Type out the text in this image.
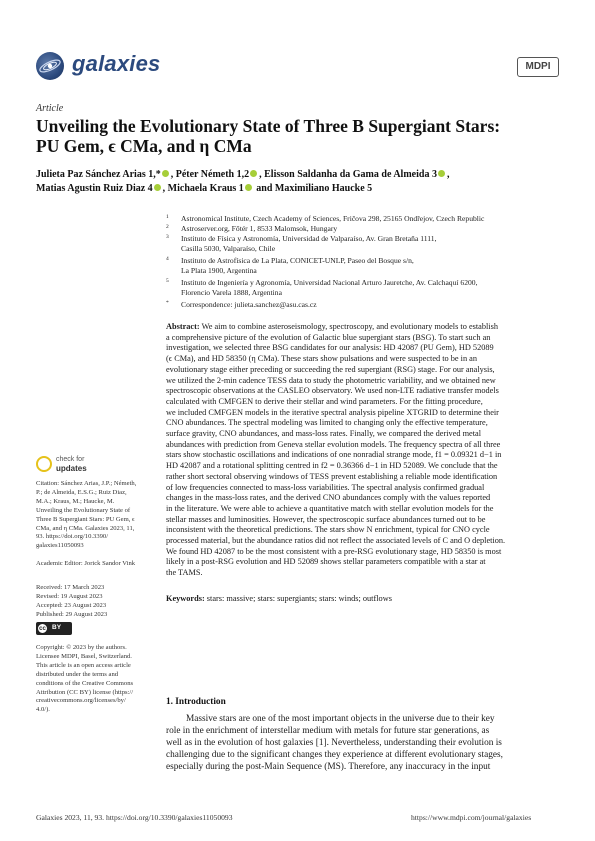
galaxies	MDPI
Article
Unveiling the Evolutionary State of Three B Supergiant Stars:
PU Gem, ϵ CMa, and η CMa
Julieta Paz Sánchez Arias 1,* , Péter Németh 1,2 , Elisson Saldanha da Gama de Almeida 3 ,
Matias Agustin Ruiz Diaz 4 , Michaela Kraus 1 and Maximiliano Haucke 5
1 Astronomical Institute, Czech Academy of Sciences, Fričova 298, 25165 Ondřejov, Czech Republic
2 Astroserver.org, Főtér 1, 8533 Malomsok, Hungary
3 Instituto de Física y Astronomía, Universidad de Valparaíso, Av. Gran Bretaña 1111,
Casilla 5030, Valparaíso, Chile
4 Instituto de Astrofísica de La Plata, CONICET-UNLP, Paseo del Bosque s/n,
La Plata 1900, Argentina
5 Instituto de Ingeniería y Agronomía, Universidad Nacional Arturo Jauretche, Av. Calchaquí 6200,
Florencio Varela 1888, Argentina
* Correspondence: julieta.sanchez@asu.cas.cz
Abstract: We aim to combine asteroseismology, spectroscopy, and evolutionary models to establish
a comprehensive picture of the evolution of Galactic blue supergiant stars (BSG). To start such an
investigation, we selected three BSG candidates for our analysis: HD 42087 (PU Gem), HD 52089
(ϵ CMa), and HD 58350 (η CMa). These stars show pulsations and were suspected to be in an
evolutionary stage either preceding or succeeding the red supergiant (RSG) stage. For our analysis,
we utilized the 2-min cadence TESS data to study the photometric variability, and we obtained new
spectroscopic observations at the CASLEO observatory. We used non-LTE radiative transfer models
calculated with CMFGEN to derive their stellar and wind parameters. For the fitting procedure,
we included CMFGEN models in the iterative spectral analysis pipeline XTGRID to determine their
CNO abundances. The spectral modeling was limited to changing only the effective temperature,
surface gravity, CNO abundances, and mass-loss rates. Finally, we compared the derived metal
abundances with prediction from Geneva stellar evolution models. The frequency spectra of all three
stars show stochastic oscillations and indications of one nonradial strange mode, f1 = 0.09321 d−1 in
HD 42087 and a rotational splitting centred in f2 = 0.36366 d−1 in HD 52089. We conclude that the
rather short sectoral observing windows of TESS prevent establishing a reliable mode identification
of low frequencies connected to mass-loss variabilities. The spectral analysis confirmed gradual
changes in the mass-loss rates, and the derived CNO abundances comply with the values reported
in the literature. We were able to achieve a quantitative match with stellar evolution models for the
stellar masses and luminosities. However, the spectroscopic surface abundances turned out to be
inconsistent with the theoretical predictions. The stars show N enrichment, typical for CNO cycle
processed material, but the abundance ratios did not reflect the associated levels of C and O depletion.
We found HD 42087 to be the most consistent with a pre-RSG evolutionary stage, HD 58350 is most
likely in a post-RSG evolution and HD 52089 shows stellar parameters compatible with a star at
the TAMS.
Keywords: stars: massive; stars: supergiants; stars: winds; outflows
check for
updates
Citation: Sánchez Arias, J.P.; Németh,
P.; de Almeida, E.S.G.; Ruiz Diaz,
M.A.; Kraus, M.; Haucke, M.
Unveiling the Evolutionary State of
Three B Supergiant Stars: PU Gem, ϵ
CMa, and η CMa. Galaxies 2023, 11,
93. https://doi.org/10.3390/
galaxies11050093
Academic Editor: Jorick Sandor Vink
Received: 17 March 2023
Revised: 19 August 2023
Accepted: 23 August 2023
Published: 29 August 2023
cc BY
Copyright: © 2023 by the authors.
Licensee MDPI, Basel, Switzerland.
This article is an open access article
distributed under the terms and
conditions of the Creative Commons
Attribution (CC BY) license (https://
creativecommons.org/licenses/by/
4.0/).
1. Introduction
Massive stars are one of the most important objects in the universe due to their key
role in the enrichment of interstellar medium with metals for future star generations, as
well as in the evolution of host galaxies [1]. Nevertheless, understanding their evolution is
challenging due to the significant changes they experience at different evolutionary stages,
especially during the post-Main Sequence (MS). Therefore, any inaccuracy in the input
Galaxies 2023, 11, 93. https://doi.org/10.3390/galaxies11050093	https://www.mdpi.com/journal/galaxies
